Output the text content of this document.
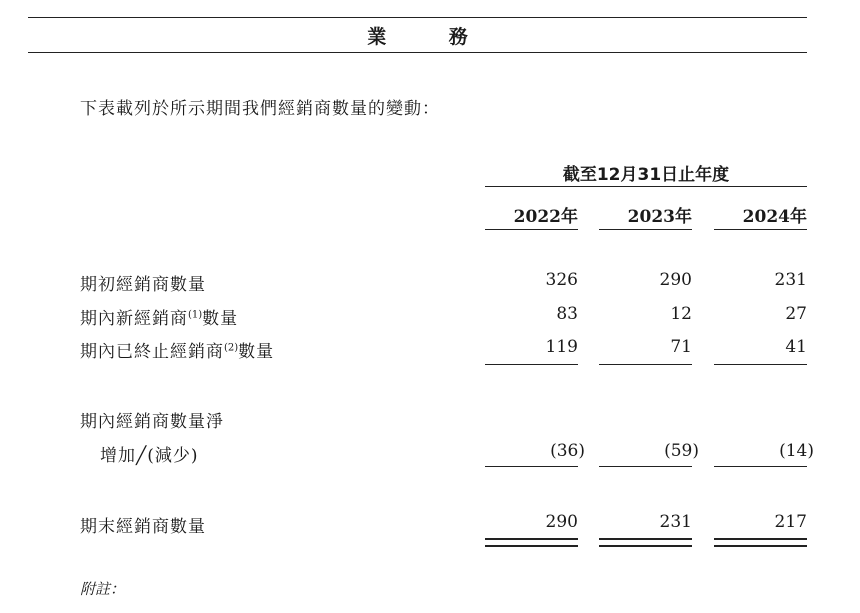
業 務
下表載列於所示期間我們經銷商數量的變動：
截至12月31日止年度
2022年	2023年	2024年
期初經銷商數量	326	290	231
期內新經銷商$^{(1)}$數量	83	12	27
期內已終止經銷商$^{(2)}$數量	119	71	41
期內經銷商數量淨
增加╱(減少)	(36)	(59)	(14)
期末經銷商數量	290	231	217
附註：
